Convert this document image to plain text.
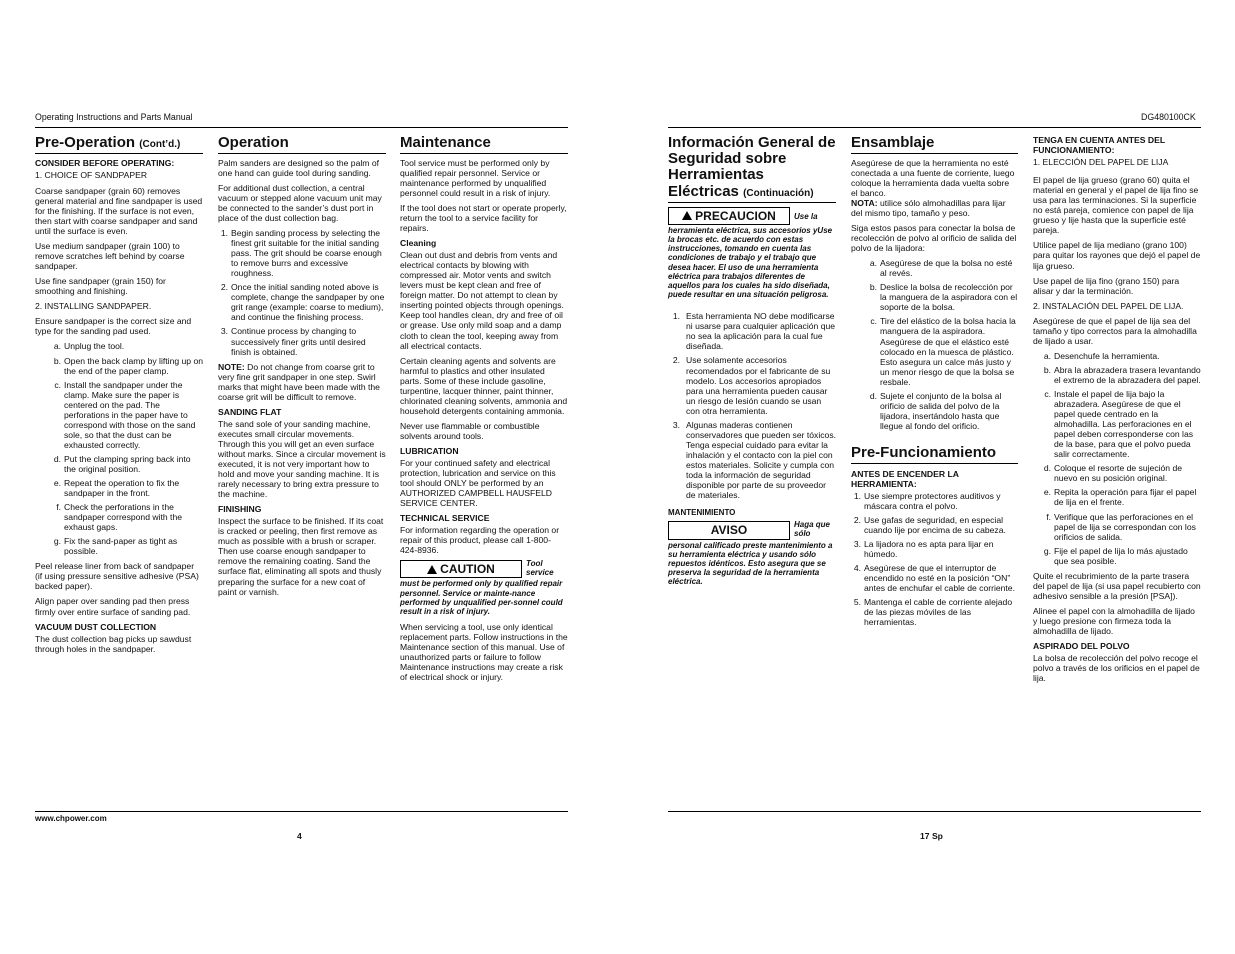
Operating Instructions and Parts Manual	DG480100CK
Pre-Operation (Cont’d.)
CONSIDER BEFORE OPERATING:

1. CHOICE OF SANDPAPER

Coarse sandpaper (grain 60) removes general material and fine sandpaper is used for the finishing. If the surface is not even, then start with coarse sandpaper and sand until the surface is even.

Use medium sandpaper (grain 100) to remove scratches left behind by coarse sandpaper.

Use fine sandpaper (grain 150) for smoothing and finishing.

2. INSTALLING SANDPAPER.

Ensure sandpaper is the correct size and type for the sanding pad used.

a. Unplug the tool.
b. Open the back clamp by lifting up on the end of the paper clamp.
c. Install the sandpaper under the clamp. Make sure the paper is centered on the pad. The perforations in the paper have to correspond with those on the sand sole, so that the dust can be exhausted correctly.
d. Put the clamping spring back into the original position.
e. Repeat the operation to fix the sandpaper in the front.
f. Check the perforations in the sandpaper correspond with the exhaust gaps.
g. Fix the sand-paper as tight as possible.

Peel release liner from back of sandpaper (if using pressure sensitive adhesive (PSA) backed paper).

Align paper over sanding pad then press firmly over entire surface of sanding pad.

VACUUM DUST COLLECTION

The dust collection bag picks up sawdust through holes in the sandpaper.

Operation

Palm sanders are designed so the palm of one hand can guide tool during sanding.

For additional dust collection, a central vacuum or stepped alone vacuum unit may be connected to the sander’s dust port in place of the dust collection bag.

1. Begin sanding process by selecting the finest grit suitable for the initial sanding pass. The grit should be coarse enough to remove burrs and excessive roughness.
2. Once the initial sanding noted above is complete, change the sandpaper by one grit range (example: coarse to medium), and continue the finishing process.
3. Continue process by changing to successively finer grits until desired finish is obtained.

NOTE: Do not change from coarse grit to very fine grit sandpaper in one step. Swirl marks that might have been made with the coarse grit will be difficult to remove.

SANDING FLAT

The sand sole of your sanding machine, executes small circular movements. Through this you will get an even surface without marks. Since a circular movement is executed, it is not very important how to hold and move your sanding machine. It is rarely necessary to bring extra pressure to the machine.

FINISHING

Inspect the surface to be finished. If its coat is cracked or peeling, then first remove as much as possible with a brush or scraper. Then use coarse enough sandpaper to remove the remaining coating. Sand the surface flat, eliminating all spots and thusly preparing the surface for a new coat of paint or varnish.

Maintenance

Tool service must be performed only by qualified repair personnel. Service or maintenance performed by unqualified personnel could result in a risk of injury.

If the tool does not start or operate properly, return the tool to a service facility for repairs.

Cleaning

Clean out dust and debris from vents and electrical contacts by blowing with compressed air. Motor vents and switch levers must be kept clean and free of foreign matter. Do not attempt to clean by inserting pointed objects through openings. Keep tool handles clean, dry and free of oil or grease. Use only mild soap and a damp cloth to clean the tool, keeping away from all electrical contacts.

Certain cleaning agents and solvents are harmful to plastics and other insulated parts. Some of these include gasoline, turpentine, lacquer thinner, paint thinner, chlorinated cleaning solvents, ammonia and household detergents containing ammonia.

Never use flammable or combustible solvents around tools.

LUBRICATION

For your continued safety and electrical protection, lubrication and service on this tool should ONLY be performed by an AUTHORIZED CAMPBELL HAUSFELD SERVICE CENTER.

TECHNICAL SERVICE

For information regarding the operation or repair of this product, please call 1-800-424-8936.

CAUTION	Tool service
must be performed only by qualified repair personnel. Service or mainte-nance performed by unqualified per-sonnel could result in a risk of injury.

When servicing a tool, use only identical replacement parts. Follow instructions in the Maintenance section of this manual. Use of unauthorized parts or failure to follow Maintenance instructions may create a risk of electrical shock or injury.

Información General de Seguridad sobre Herramientas Eléctricas (Continuación)
PRECAUCION Use la
herramienta eléctrica, sus accesorios yUse la brocas etc. de acuerdo con estas instrucciones, tomando en cuenta las condiciones de trabajo y el trabajo que desea hacer. El uso de una herramienta eléctrica para trabajos diferentes de aquellos para los cuales ha sido diseñada, puede resultar en una situación peligrosa.
1. Esta herramienta NO debe modificarse ni usarse para cualquier aplicación que no sea la aplicación para la cual fue diseñada.
2. Use solamente accesorios recomendados por el fabricante de su modelo. Los accesorios apropiados para una herramienta pueden causar un riesgo de lesión cuando se usan con otra herramienta.
3. Algunas maderas contienen conservadores que pueden ser tóxicos. Tenga especial cuidado para evitar la inhalación y el contacto con la piel con estos materiales. Solicite y cumpla con toda la información de seguridad disponible por parte de su proveedor de materiales.
MANTENIMIENTO
AVISO	Haga que sólo
personal calificado preste mantenimiento a su herramienta eléctrica y usando sólo repuestos idénticos. Esto asegura que se preserva la seguridad de la herramienta eléctrica.
Ensamblaje

Asegúrese de que la herramienta no esté conectada a una fuente de corriente, luego coloque la herramienta dada vuelta sobre el banco.

NOTA: utilice sólo almohadillas para lijar del mismo tipo, tamaño y peso.

Siga estos pasos para conectar la bolsa de recolección de polvo al orificio de salida del polvo de la lijadora:

a. Asegúrese de que la bolsa no esté al revés.
b. Deslice la bolsa de recolección por la manguera de la aspiradora con el soporte de la bolsa.
c. Tire del elástico de la bolsa hacia la manguera de la aspiradora. Asegúrese de que el elástico esté colocado en la muesca de plástico. Esto asegura un calce más justo y un menor riesgo de que la bolsa se resbale.
d. Sujete el conjunto de la bolsa al orificio de salida del polvo de la lijadora, insertándolo hasta que llegue al fondo del orificio.
Pre-Funcionamiento
ANTES DE ENCENDER LA HERRAMIENTA:
1. Use siempre protectores auditivos y máscara contra el polvo.
2. Use gafas de seguridad, en especial cuando lije por encima de su cabeza.
3. La lijadora no es apta para lijar en húmedo.
4. Asegúrese de que el interruptor de encendido no esté en la posición “ON” antes de enchufar el cable de corriente.
5. Mantenga el cable de corriente alejado de las piezas móviles de las herramientas.
TENGA EN CUENTA ANTES DEL FUNCIONAMIENTO:

1. ELECCIÓN DEL PAPEL DE LIJA

El papel de lija grueso (grano 60) quita el material en general y el papel de lija fino se usa para las terminaciones. Si la superficie no está pareja, comience con papel de lija grueso y lije hasta que la superficie esté pareja.

Utilice papel de lija mediano (grano 100) para quitar los rayones que dejó el papel de lija grueso.

Use papel de lija fino (grano 150) para alisar y dar la terminación.

2. INSTALACIÓN DEL PAPEL DE LIJA.

Asegúrese de que el papel de lija sea del tamaño y tipo correctos para la almohadilla de lijado a usar.

a. Desenchufe la herramienta.
b. Abra la abrazadera trasera levantando el extremo de la abrazadera del papel.
c. Instale el papel de lija bajo la abrazadera. Asegúrese de que el papel quede centrado en la almohadilla. Las perforaciones en el papel deben corresponderse con las de la base, para que el polvo pueda salir correctamente.
d. Coloque el resorte de sujeción de nuevo en su posición original.
e. Repita la operación para fijar el papel de lija en el frente.
f. Verifique que las perforaciones en el papel de lija se correspondan con los orificios de salida.
g. Fije el papel de lija lo más ajustado que sea posible.

Quite el recubrimiento de la parte trasera del papel de lija (si usa papel recubierto con adhesivo sensible a la presión [PSA]).

Alinee el papel con la almohadilla de lijado y luego presione con firmeza toda la almohadilla de lijado.

ASPIRADO DEL POLVO

La bolsa de recolección del polvo recoge el polvo a través de los orificios en el papel de lija.

www.chpower.com
4	17 Sp
